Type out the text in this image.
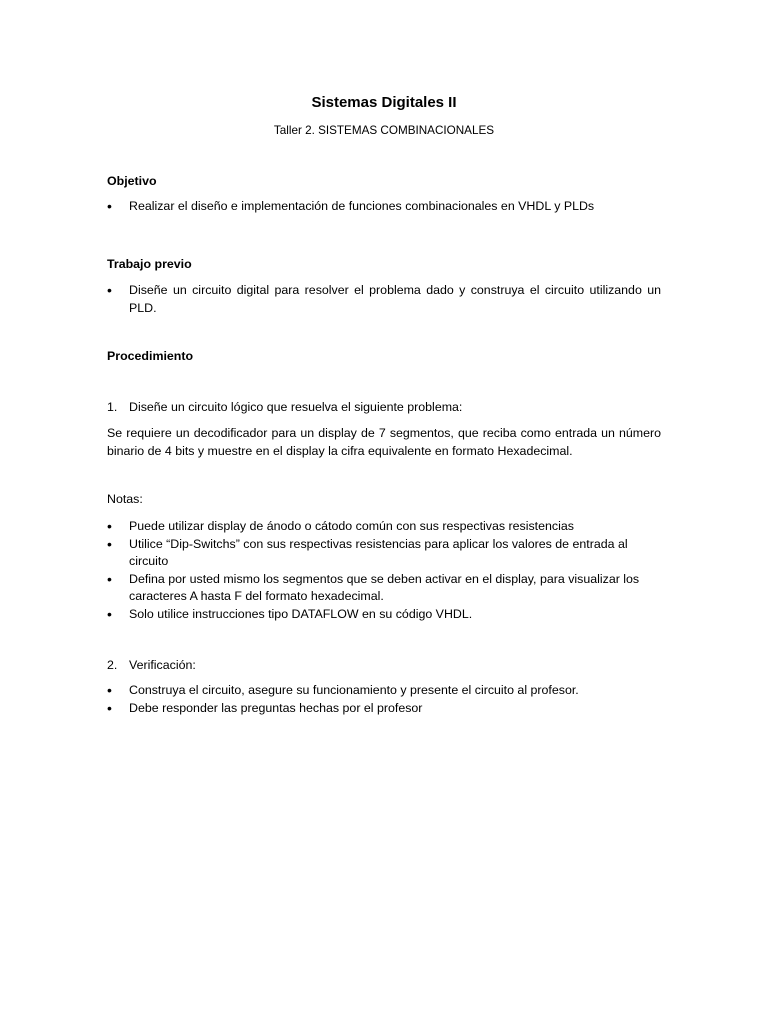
Sistemas Digitales II
Taller 2. SISTEMAS COMBINACIONALES
Objetivo
• Realizar el diseño e implementación de funciones combinacionales en VHDL y PLDs
Trabajo previo
• Diseñe un circuito digital para resolver el problema dado y construya el circuito utilizando un
PLD.
Procedimiento
1. Diseñe un circuito lógico que resuelva el siguiente problema:
Se requiere un decodificador para un display de 7 segmentos, que reciba como entrada un número
binario de 4 bits y muestre en el display la cifra equivalente en formato Hexadecimal.
Notas:
• Puede utilizar display de ánodo o cátodo común con sus respectivas resistencias
• Utilice “Dip-Switchs” con sus respectivas resistencias para aplicar los valores de entrada al
circuito
• Defina por usted mismo los segmentos que se deben activar en el display, para visualizar los
caracteres A hasta F del formato hexadecimal.
• Solo utilice instrucciones tipo DATAFLOW en su código VHDL.
2. Verificación:
• Construya el circuito, asegure su funcionamiento y presente el circuito al profesor.
• Debe responder las preguntas hechas por el profesor
